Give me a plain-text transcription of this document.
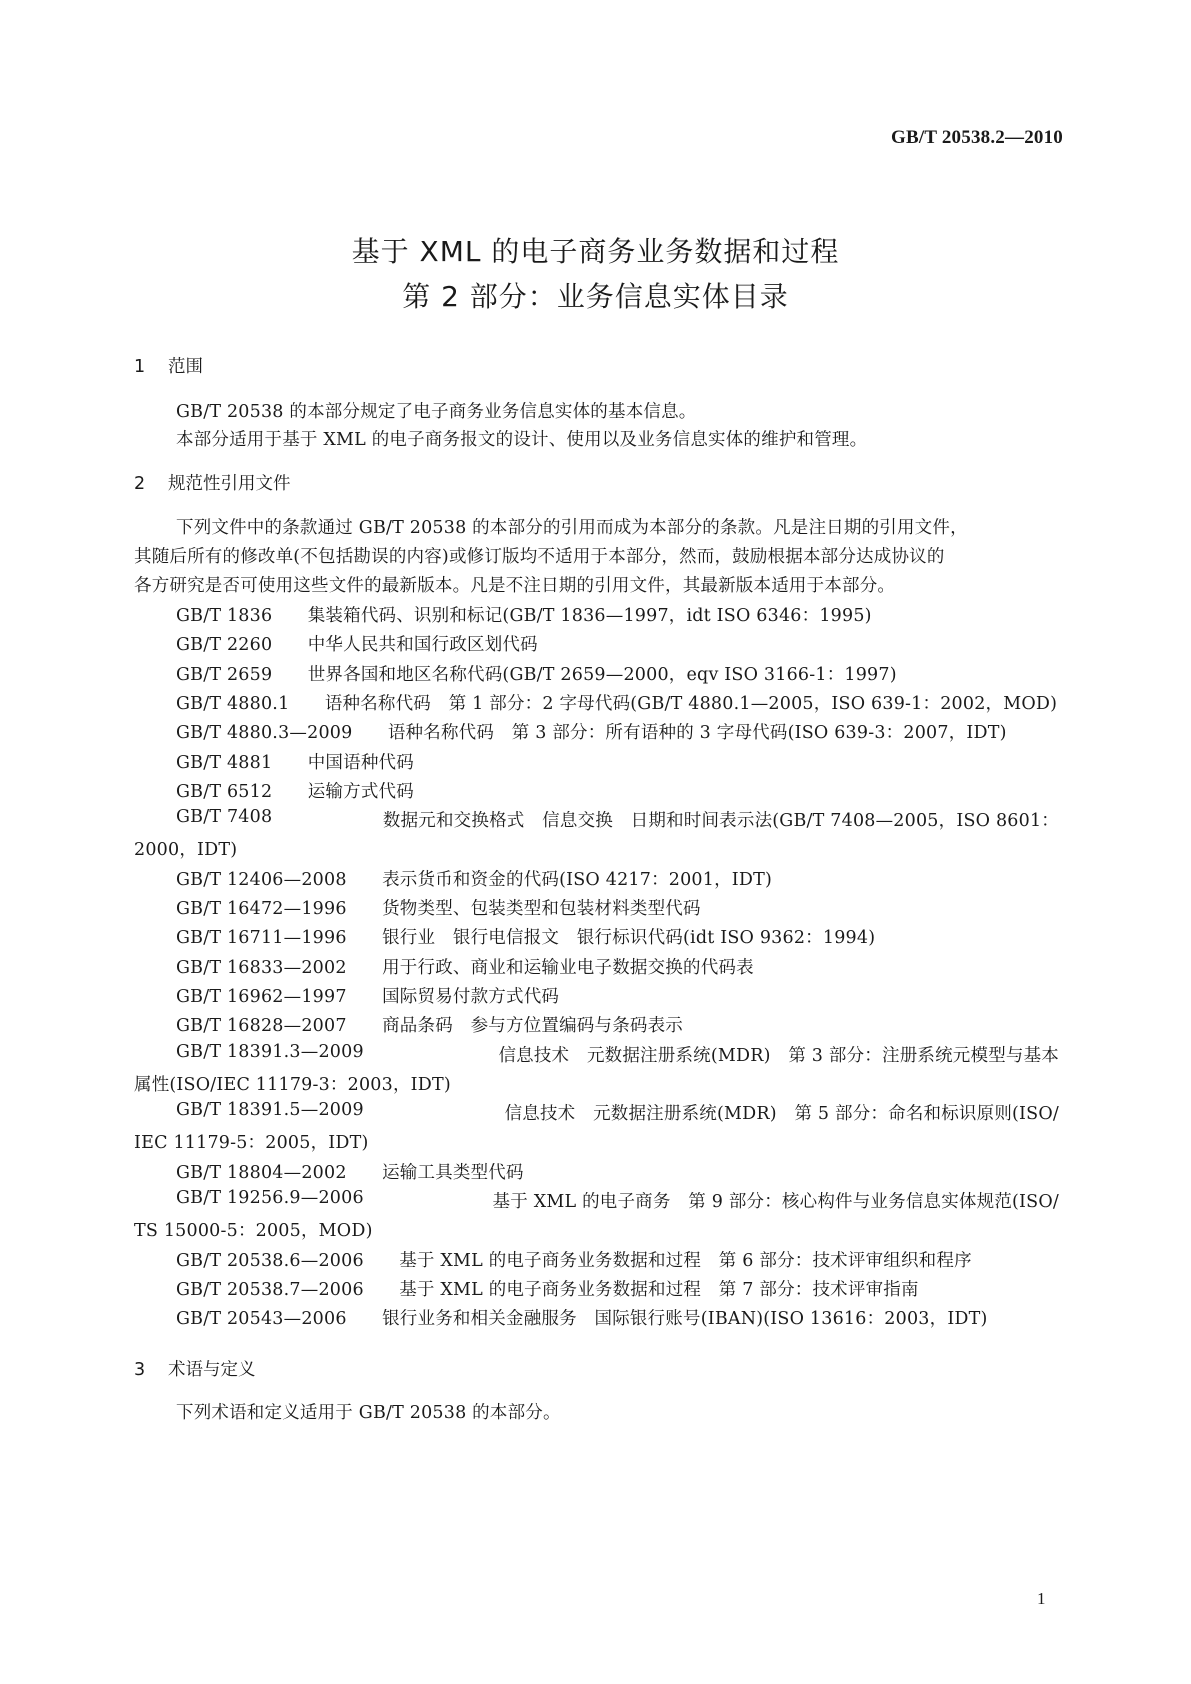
GB/T 20538.2—2010
基于 XML 的电子商务业务数据和过程
第 2 部分：业务信息实体目录
1 范围
GB/T 20538 的本部分规定了电子商务业务信息实体的基本信息。
本部分适用于基于 XML 的电子商务报文的设计、使用以及业务信息实体的维护和管理。
2 规范性引用文件
下列文件中的条款通过 GB/T 20538 的本部分的引用而成为本部分的条款。凡是注日期的引用文件，
其随后所有的修改单(不包括勘误的内容)或修订版均不适用于本部分，然而，鼓励根据本部分达成协议的
各方研究是否可使用这些文件的最新版本。凡是不注日期的引用文件，其最新版本适用于本部分。
GB/T 1836　　 集装箱代码、识别和标记(GB/T 1836—1997，idt ISO 6346：1995)
GB/T 2260　　 中华人民共和国行政区划代码
GB/T 2659　　 世界各国和地区名称代码(GB/T 2659—2000，eqv ISO 3166-1：1997)
GB/T 4880.1　　 语种名称代码　第 1 部分：2 字母代码(GB/T 4880.1—2005，ISO 639-1：2002，MOD)
GB/T 4880.3—2009　　 语种名称代码　第 3 部分：所有语种的 3 字母代码(ISO 639-3：2007，IDT)
GB/T 4881　　 中国语种代码
GB/T 6512　　 运输方式代码
GB/T 7408	数据元和交换格式　信息交换　日期和时间表示法(GB/T 7408—2005，ISO 8601：
2000，IDT)
GB/T 12406—2008　　 表示货币和资金的代码(ISO 4217：2001，IDT)
GB/T 16472—1996　　 货物类型、包装类型和包装材料类型代码
GB/T 16711—1996　　 银行业　银行电信报文　银行标识代码(idt ISO 9362：1994)
GB/T 16833—2002　　 用于行政、商业和运输业电子数据交换的代码表
GB/T 16962—1997　　 国际贸易付款方式代码
GB/T 16828—2007　　 商品条码　参与方位置编码与条码表示
GB/T 18391.3—2009	信息技术　元数据注册系统(MDR)　第 3 部分：注册系统元模型与基本
属性(ISO/IEC 11179-3：2003，IDT)
GB/T 18391.5—2009	信息技术　元数据注册系统(MDR)　第 5 部分：命名和标识原则(ISO/
IEC 11179-5：2005，IDT)
GB/T 18804—2002　　 运输工具类型代码
GB/T 19256.9—2006	基于 XML 的电子商务　第 9 部分：核心构件与业务信息实体规范(ISO/
TS 15000-5：2005，MOD)
GB/T 20538.6—2006　　 基于 XML 的电子商务业务数据和过程　第 6 部分：技术评审组织和程序
GB/T 20538.7—2006　　 基于 XML 的电子商务业务数据和过程　第 7 部分：技术评审指南
GB/T 20543—2006　　 银行业务和相关金融服务　国际银行账号(IBAN)(ISO 13616：2003，IDT)
3 术语与定义
下列术语和定义适用于 GB/T 20538 的本部分。
1
